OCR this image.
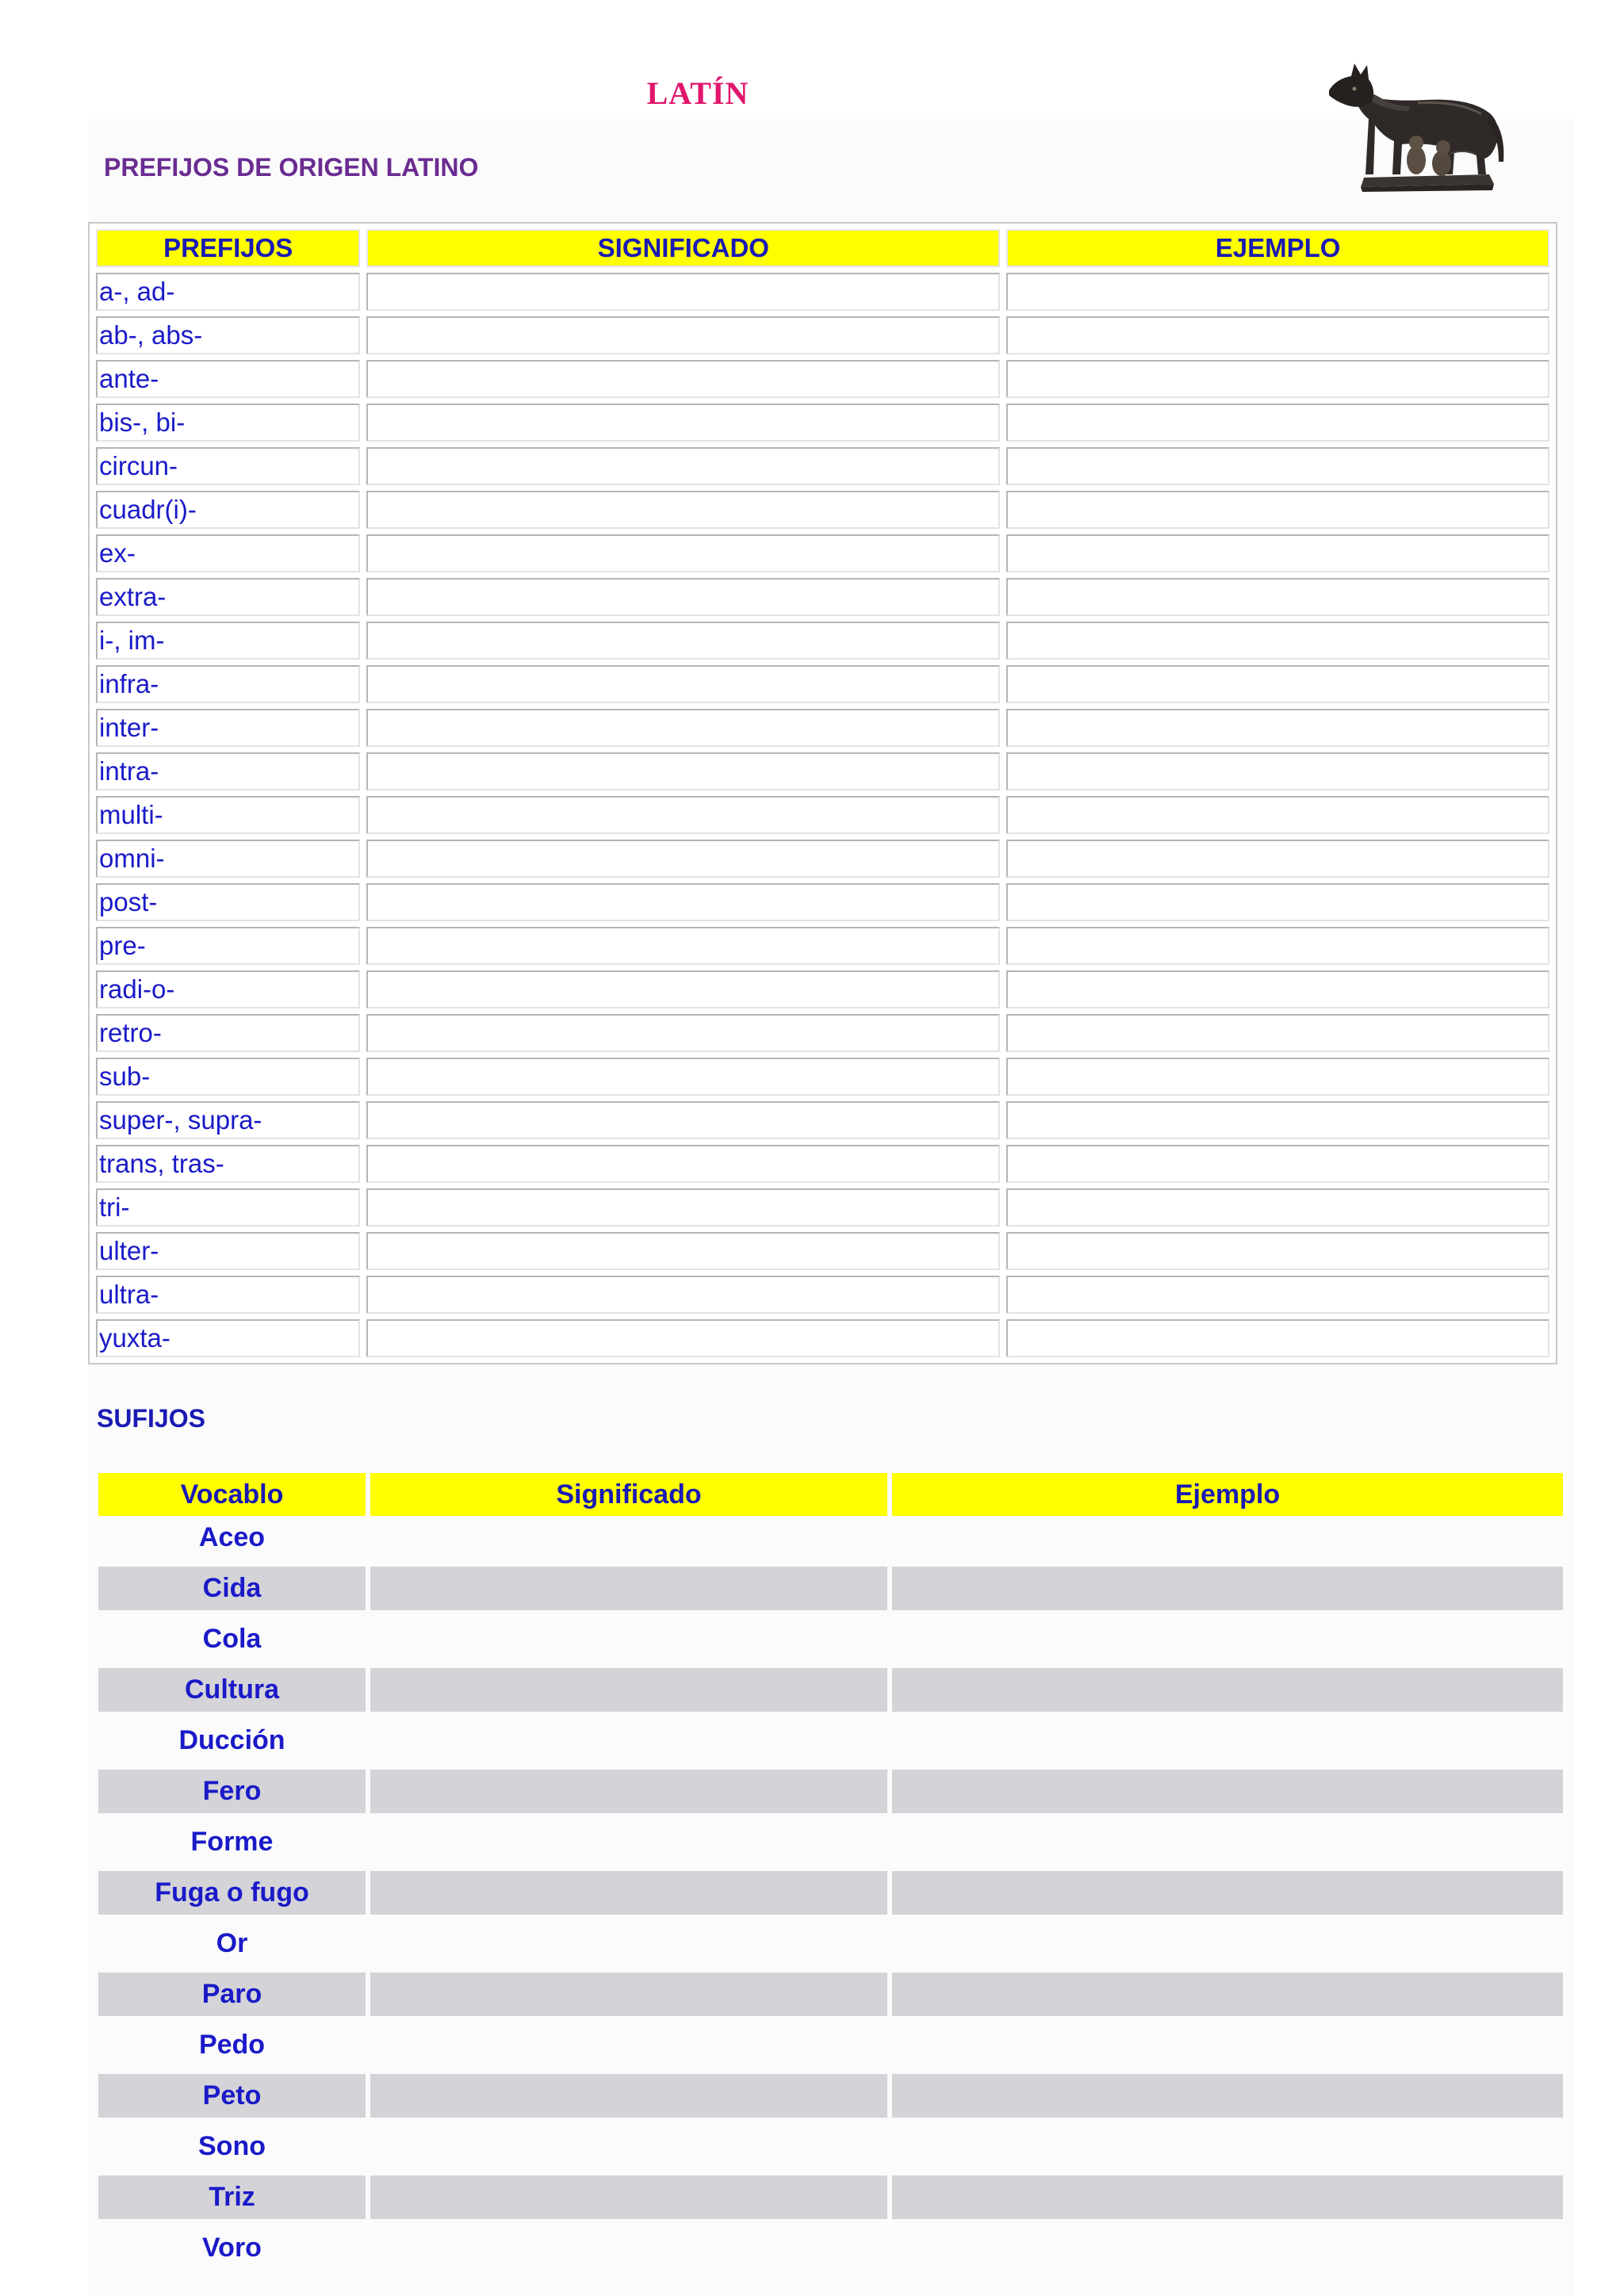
LATÍN
PREFIJOS DE ORIGEN LATINO
PREFIJOS	SIGNIFICADO	EJEMPLO
a-, ad-		
ab-, abs-		
ante-		
bis-, bi-		
circun-		
cuadr(i)-		
ex-		
extra-		
i-, im-		
infra-		
inter-		
intra-		
multi-		
omni-		
post-		
pre-		
radi-o-		
retro-		
sub-		
super-, supra-		
trans, tras-		
tri-		
ulter-		
ultra-		
yuxta-		
SUFIJOS
Vocablo	Significado	Ejemplo
Aceo		

Cida		

Cola		

Cultura		

Ducción		

Fero		

Forme		

Fuga o fugo		

Or		

Paro		

Pedo		

Peto		

Sono		

Triz		

Voro		
